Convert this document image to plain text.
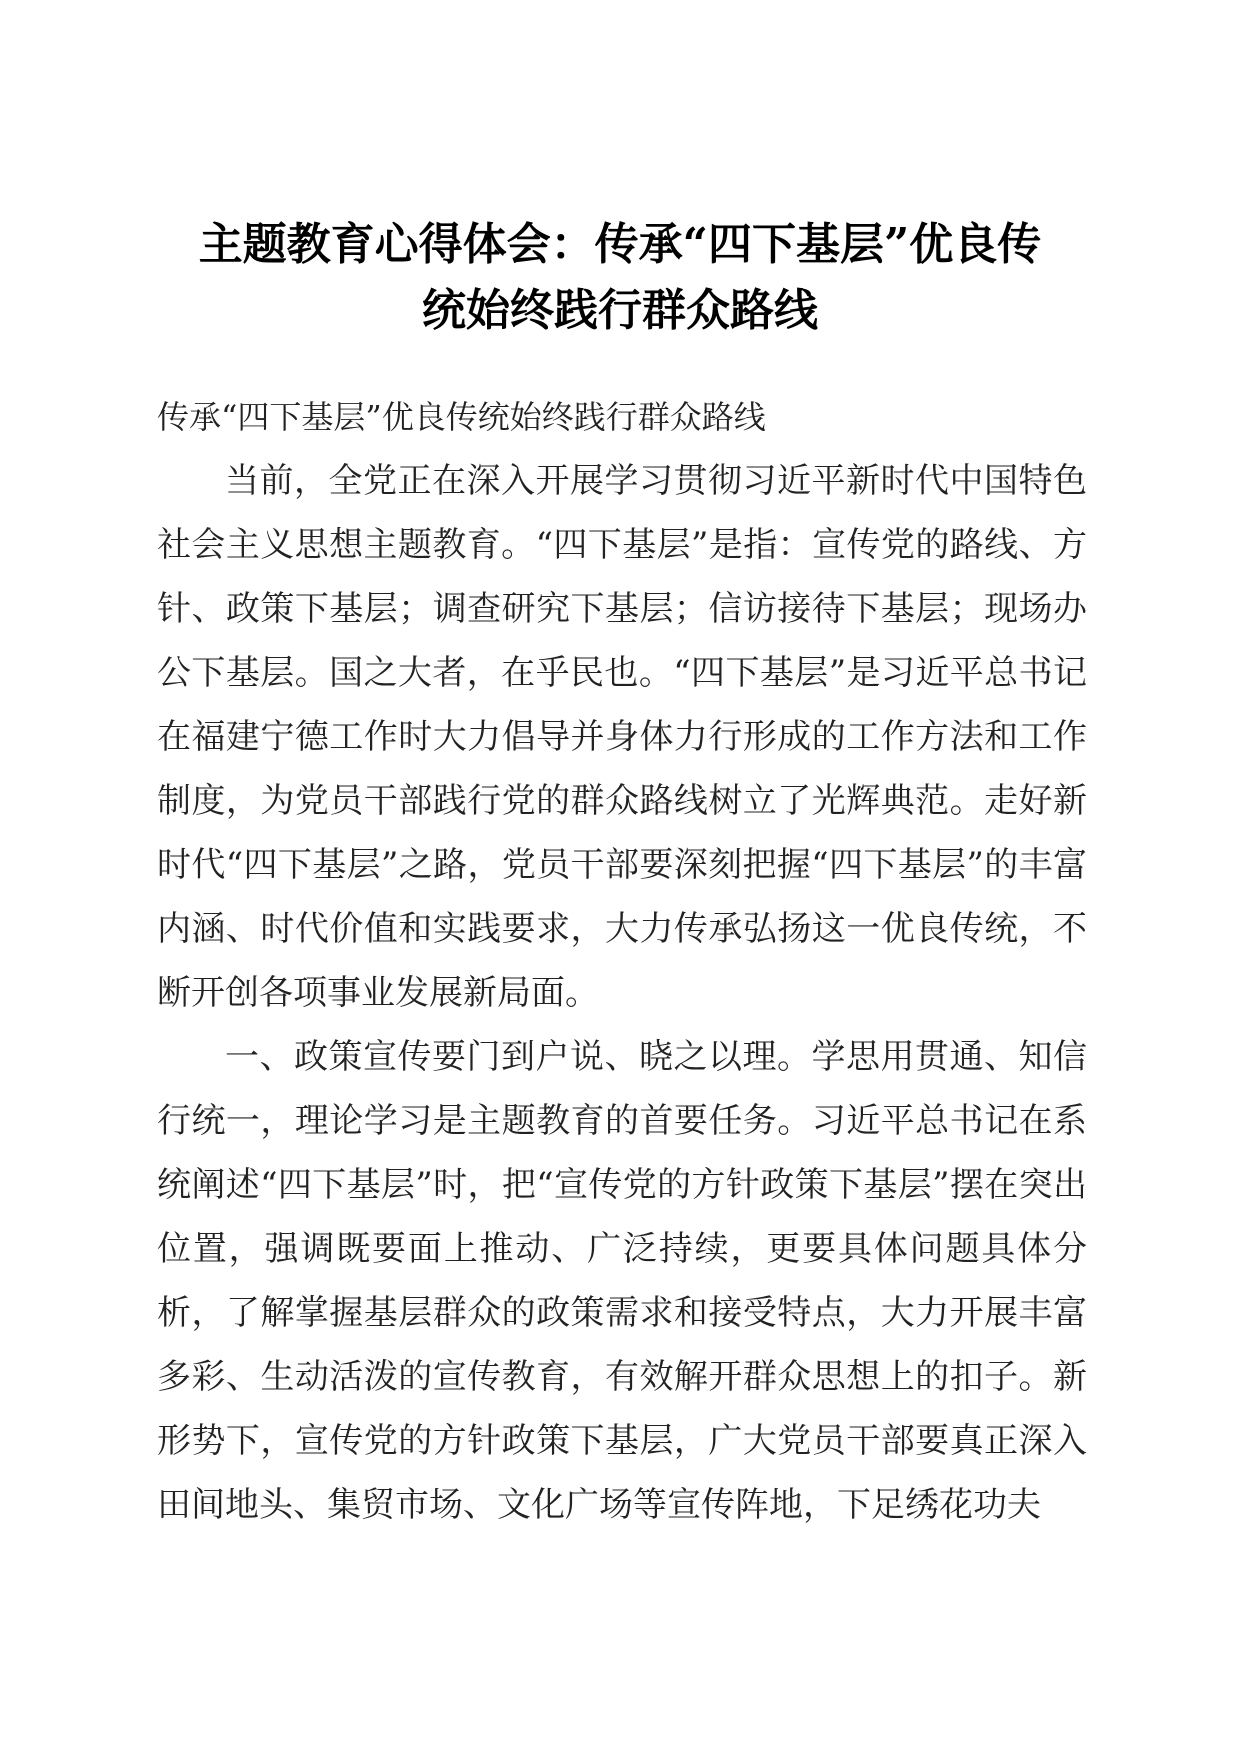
主题教育心得体会：传承“四下基层”优良传
统始终践行群众路线

传承“四下基层”优良传统始终践行群众路线

当前，全党正在深入开展学习贯彻习近平新时代中国特色社会主义思想主题教育。“四下基层”是指：宣传党的路线、方针、政策下基层；调查研究下基层；信访接待下基层；现场办公下基层。国之大者，在乎民也。“四下基层”是习近平总书记在福建宁德工作时大力倡导并身体力行形成的工作方法和工作制度，为党员干部践行党的群众路线树立了光辉典范。走好新时代“四下基层”之路，党员干部要深刻把握“四下基层”的丰富内涵、时代价值和实践要求，大力传承弘扬这一优良传统，不断开创各项事业发展新局面。

一、政策宣传要门到户说、晓之以理。学思用贯通、知信行统一，理论学习是主题教育的首要任务。习近平总书记在系统阐述“四下基层”时，把“宣传党的方针政策下基层”摆在突出位置，强调既要面上推动、广泛持续，更要具体问题具体分析，了解掌握基层群众的政策需求和接受特点，大力开展丰富多彩、生动活泼的宣传教育，有效解开群众思想上的扣子。新形势下，宣传党的方针政策下基层，广大党员干部要真正深入田间地头、集贸市场、文化广场等宣传阵地，下足绣花功夫
